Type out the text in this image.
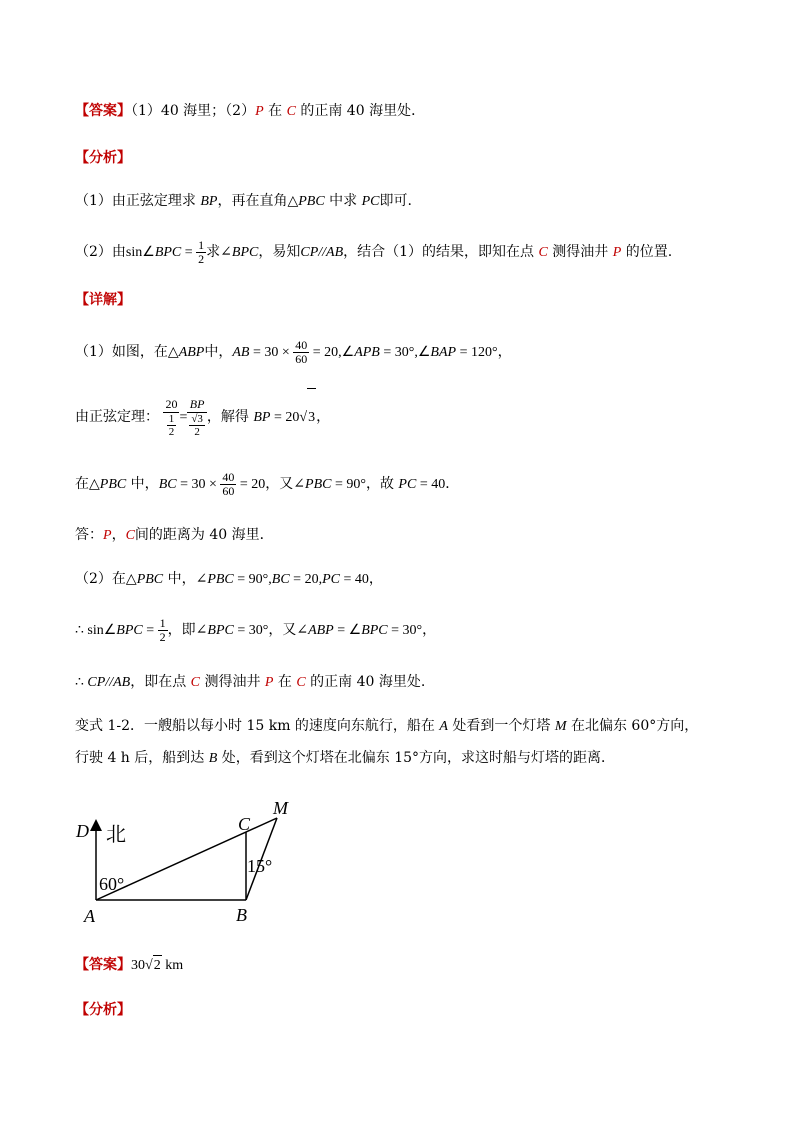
【答案】（1）40 海里；（2）P 在 C 的正南 40 海里处．
【分析】
（1）由正弦定理求 BP，再在直角△PBC 中求 PC即可.
（2）由sin∠BPC = $\frac{1}{2}$ 求∠BPC，易知CP//AB，结合（1）的结果，即知在点 C 测得油井 P 的位置.
【详解】
（1）如图，在△ABP中，AB = $30 \times \frac{40}{60}$ = 20,∠APB = 30°,∠BAP = 120°，
由正弦定理： $\frac{20}{\frac{1}{2}} = \frac{BP}{\frac{√3}{2}}$ ，解得 BP = 20√3，
在△PBC 中，BC = $30 \times \frac{40}{60} = 20$，又∠PBC = 90°，故 PC = 40．
答：P，C间的距离为 40 海里．
（2）在△PBC 中，∠PBC = 90°,BC = 20,PC = 40，
∴ sin∠BPC = $\frac{1}{2}$ ，即∠BPC = 30°，又∠ABP = ∠BPC = 30°，
∴ CP//AB，即在点 C 测得油井 P 在 C 的正南 40 海里处.
变式 1-2．一艘船以每小时 15 km 的速度向东航行，船在 A 处看到一个灯塔 M 在北偏东 60°方向，
行驶 4 h 后，船到达 B 处，看到这个灯塔在北偏东 15°方向，求这时船与灯塔的距离．
D 北	C
M
60°
15°
A	B
【答案】30√2 km
【分析】
